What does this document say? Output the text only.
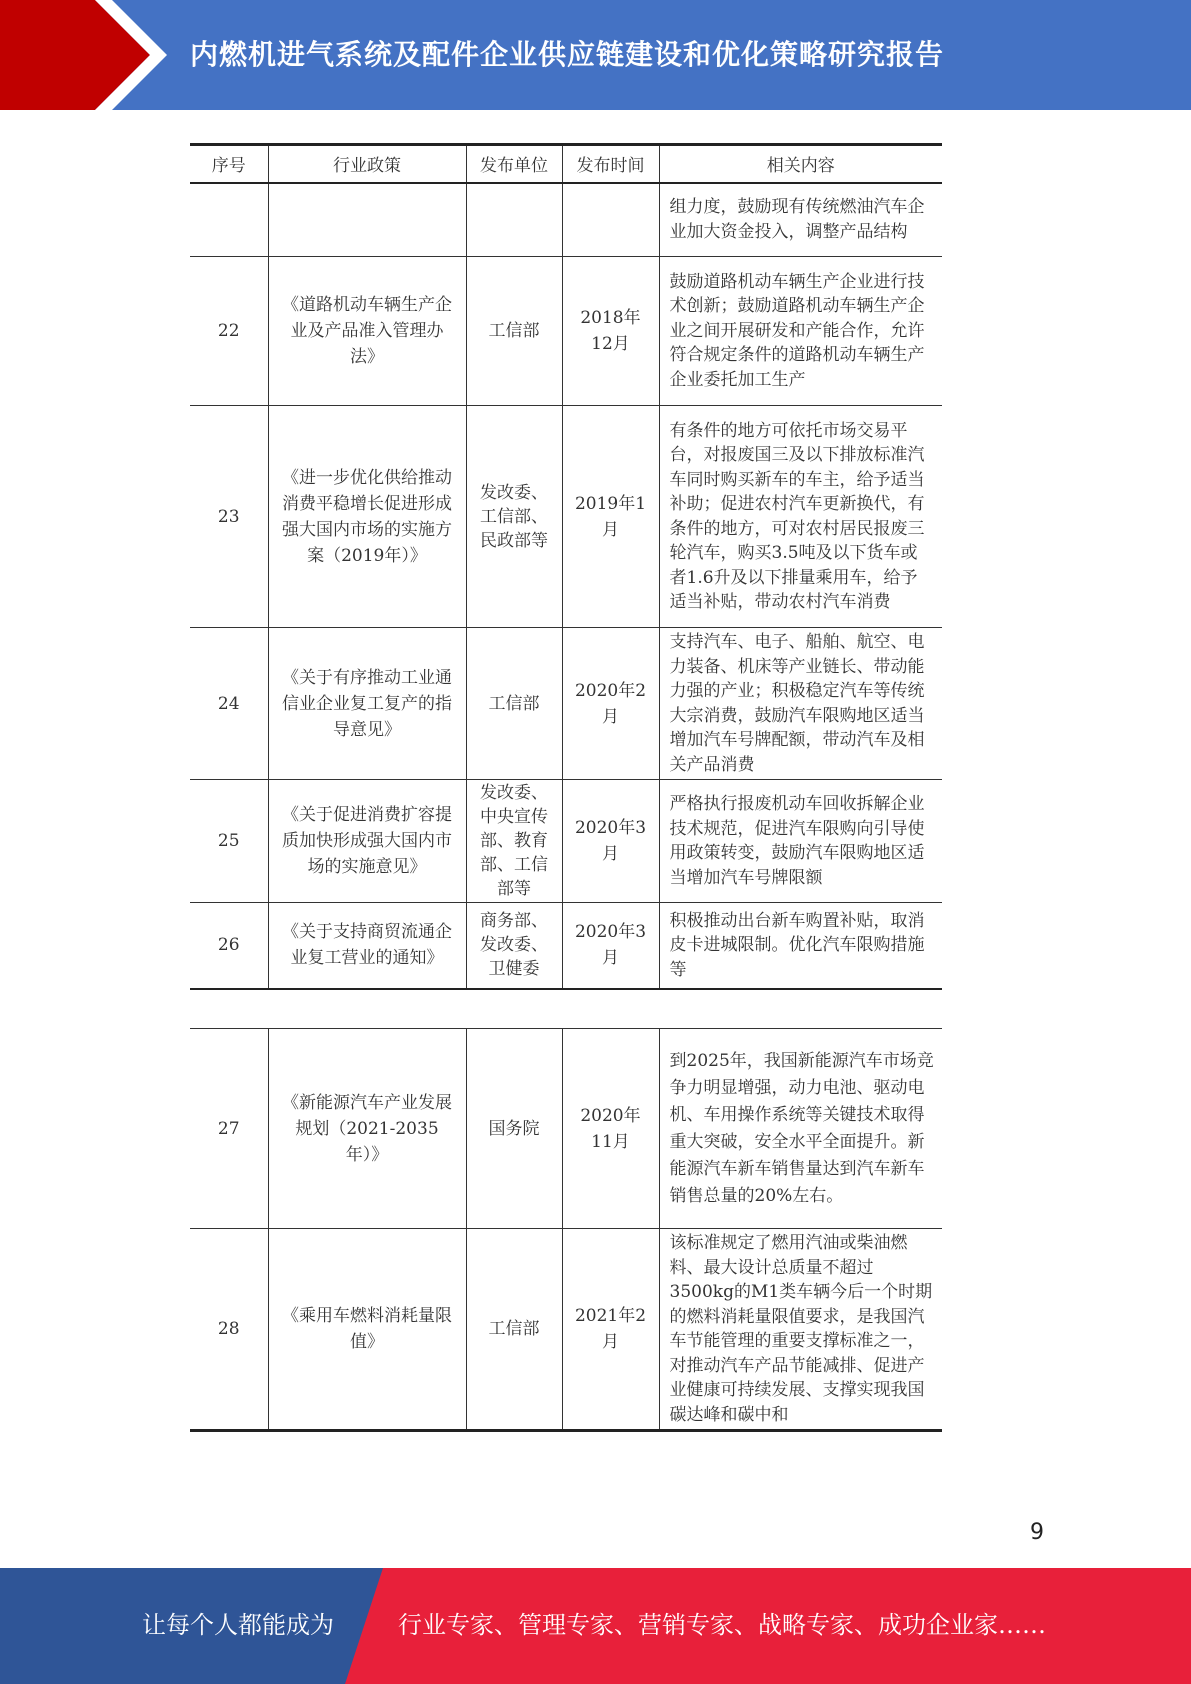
内燃机进气系统及配件企业供应链建设和优化策略研究报告
序号	行业政策	发布单位	发布时间	相关内容
				组力度，鼓励现有传统燃油汽车企业加大资金投入，调整产品结构
22	《道路机动车辆生产企业及产品准入管理办法》	工信部	2018年12月	鼓励道路机动车辆生产企业进行技术创新；鼓励道路机动车辆生产企业之间开展研发和产能合作，允许符合规定条件的道路机动车辆生产企业委托加工生产
23	《进一步优化供给推动消费平稳增长促进形成强大国内市场的实施方案（2019年）》	发改委、工信部、民政部等	2019年1月	有条件的地方可依托市场交易平台，对报废国三及以下排放标准汽车同时购买新车的车主，给予适当补助；促进农村汽车更新换代，有条件的地方，可对农村居民报废三轮汽车，购买3.5吨及以下货车或者1.6升及以下排量乘用车，给予适当补贴，带动农村汽车消费
24	《关于有序推动工业通信业企业复工复产的指导意见》	工信部	2020年2月	支持汽车、电子、船舶、航空、电力装备、机床等产业链长、带动能力强的产业；积极稳定汽车等传统大宗消费，鼓励汽车限购地区适当增加汽车号牌配额，带动汽车及相关产品消费
25	《关于促进消费扩容提质加快形成强大国内市场的实施意见》	发改委、中央宣传部、教育部、工信部等	2020年3月	严格执行报废机动车回收拆解企业技术规范，促进汽车限购向引导使用政策转变，鼓励汽车限购地区适当增加汽车号牌限额
26	《关于支持商贸流通企业复工营业的通知》	商务部、发改委、卫健委	2020年3月	积极推动出台新车购置补贴，取消皮卡进城限制。优化汽车限购措施等
27	《新能源汽车产业发展规划（2021-2035年）》	国务院	2020年11月	到2025年，我国新能源汽车市场竞争力明显增强，动力电池、驱动电机、车用操作系统等关键技术取得重大突破，安全水平全面提升。新能源汽车新车销售量达到汽车新车销售总量的20%左右。
28	《乘用车燃料消耗量限值》	工信部	2021年2月	该标准规定了燃用汽油或柴油燃料、最大设计总质量不超过3500kg的M1类车辆今后一个时期的燃料消耗量限值要求，是我国汽车节能管理的重要支撑标准之一，对推动汽车产品节能减排、促进产业健康可持续发展、支撑实现我国碳达峰和碳中和
9
让每个人都能成为	行业专家、管理专家、营销专家、战略专家、成功企业家……
